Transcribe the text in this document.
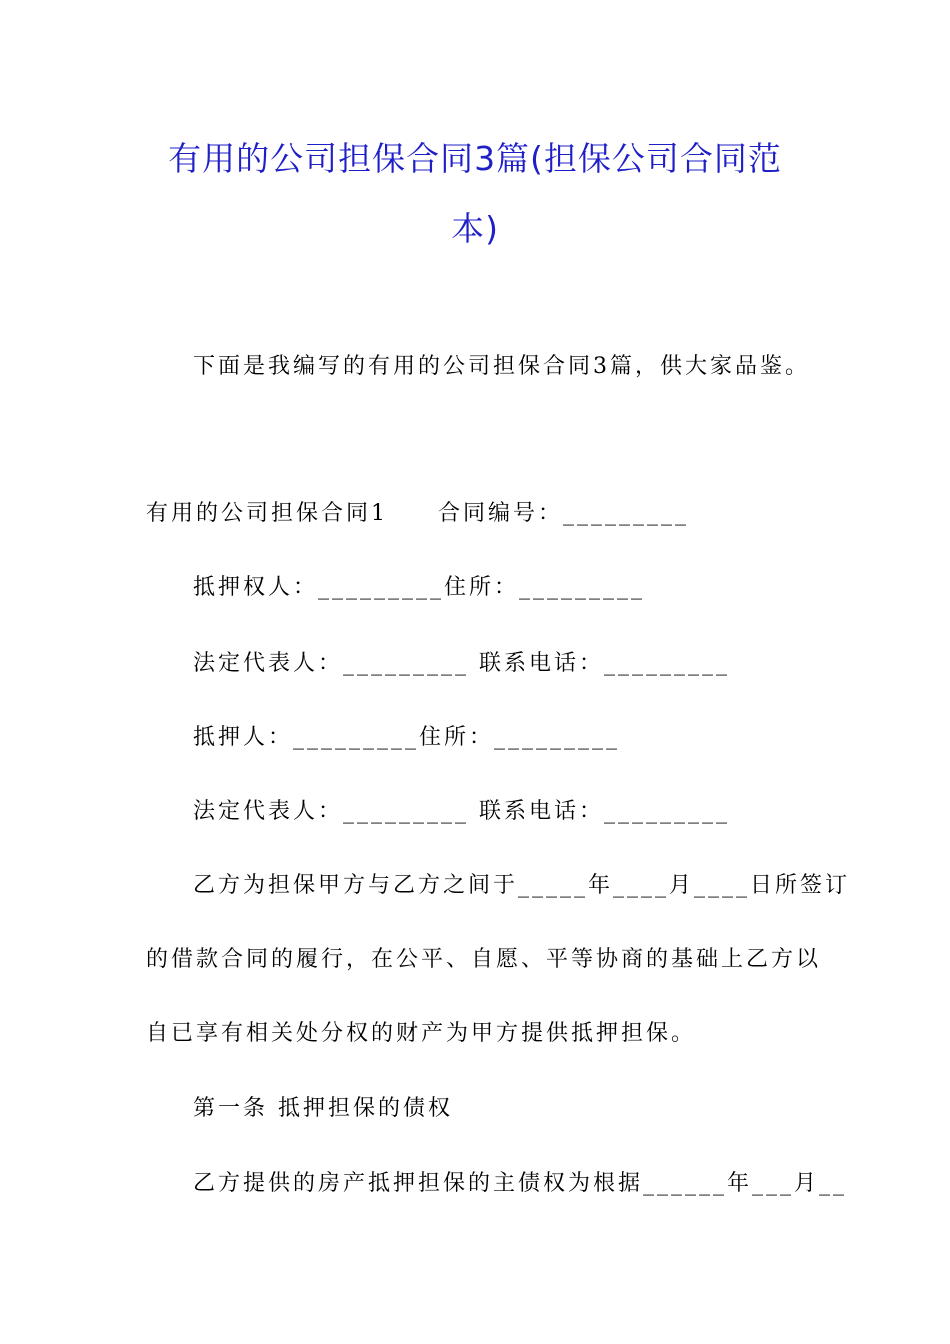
有用的公司担保合同3篇(担保公司合同范
本)
下面是我编写的有用的公司担保合同3篇，供大家品鉴。
有用的公司担保合同1　　合同编号：_________
抵押权人：_________住所：_________
法定代表人：_________ 联系电话：_________
抵押人：_________住所：_________
法定代表人：_________ 联系电话：_________
乙方为担保甲方与乙方之间于_____年____月____日所签订
的借款合同的履行，在公平、自愿、平等协商的基础上乙方以
自已享有相关处分权的财产为甲方提供抵押担保。
第一条 抵押担保的债权
乙方提供的房产抵押担保的主债权为根据______年___月__
